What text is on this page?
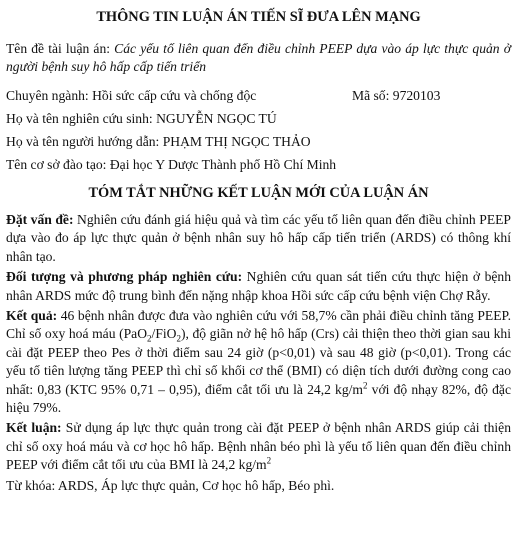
THÔNG TIN LUẬN ÁN TIẾN SĨ ĐƯA LÊN MẠNG

Tên đề tài luận án: Các yếu tố liên quan đến điều chỉnh PEEP dựa vào áp lực thực quản ở người bệnh suy hô hấp cấp tiến triển

Chuyên ngành: Hồi sức cấp cứu và chống độc	Mã số: 9720103
Họ và tên nghiên cứu sinh: NGUYỄN NGỌC TÚ
Họ và tên người hướng dẫn: PHẠM THỊ NGỌC THẢO
Tên cơ sở đào tạo: Đại học Y Dược Thành phố Hồ Chí Minh
TÓM TẮT NHỮNG KẾT LUẬN MỚI CỦA LUẬN ÁN

Đặt vấn đề: Nghiên cứu đánh giá hiệu quả và tìm các yếu tố liên quan đến điều chỉnh PEEP dựa vào đo áp lực thực quản ở bệnh nhân suy hô hấp cấp tiến triển (ARDS) có thông khí nhân tạo.

Đối tượng và phương pháp nghiên cứu: Nghiên cứu quan sát tiến cứu thực hiện ở bệnh nhân ARDS mức độ trung bình đến nặng nhập khoa Hồi sức cấp cứu bệnh viện Chợ Rẫy.

Kết quả: 46 bệnh nhân được đưa vào nghiên cứu với 58,7% cần phải điều chỉnh tăng PEEP. Chỉ số oxy hoá máu (PaO$_2$/FiO$_2$), độ giãn nở hệ hô hấp (Crs) cải thiện theo thời gian sau khi cài đặt PEEP theo Pes ở thời điểm sau 24 giờ (p<0,01) và sau 48 giờ (p<0,01). Trong các yếu tố tiên lượng tăng PEEP thì chỉ số khối cơ thể (BMI) có diện tích dưới đường cong cao nhất: 0,83 (KTC 95% 0,71 – 0,95), điểm cắt tối ưu là 24,2 $kg/m^2$ với độ nhạy 82%, độ đặc hiệu 79%.

Kết luận: Sử dụng áp lực thực quản trong cài đặt PEEP ở bệnh nhân ARDS giúp cải thiện chỉ số oxy hoá máu và cơ học hô hấp. Bệnh nhân béo phì là yếu tố liên quan đến điều chỉnh PEEP với điểm cắt tối ưu của BMI là 24,2 $kg/m^2$

Từ khóa: ARDS, Áp lực thực quản, Cơ học hô hấp, Béo phì.
